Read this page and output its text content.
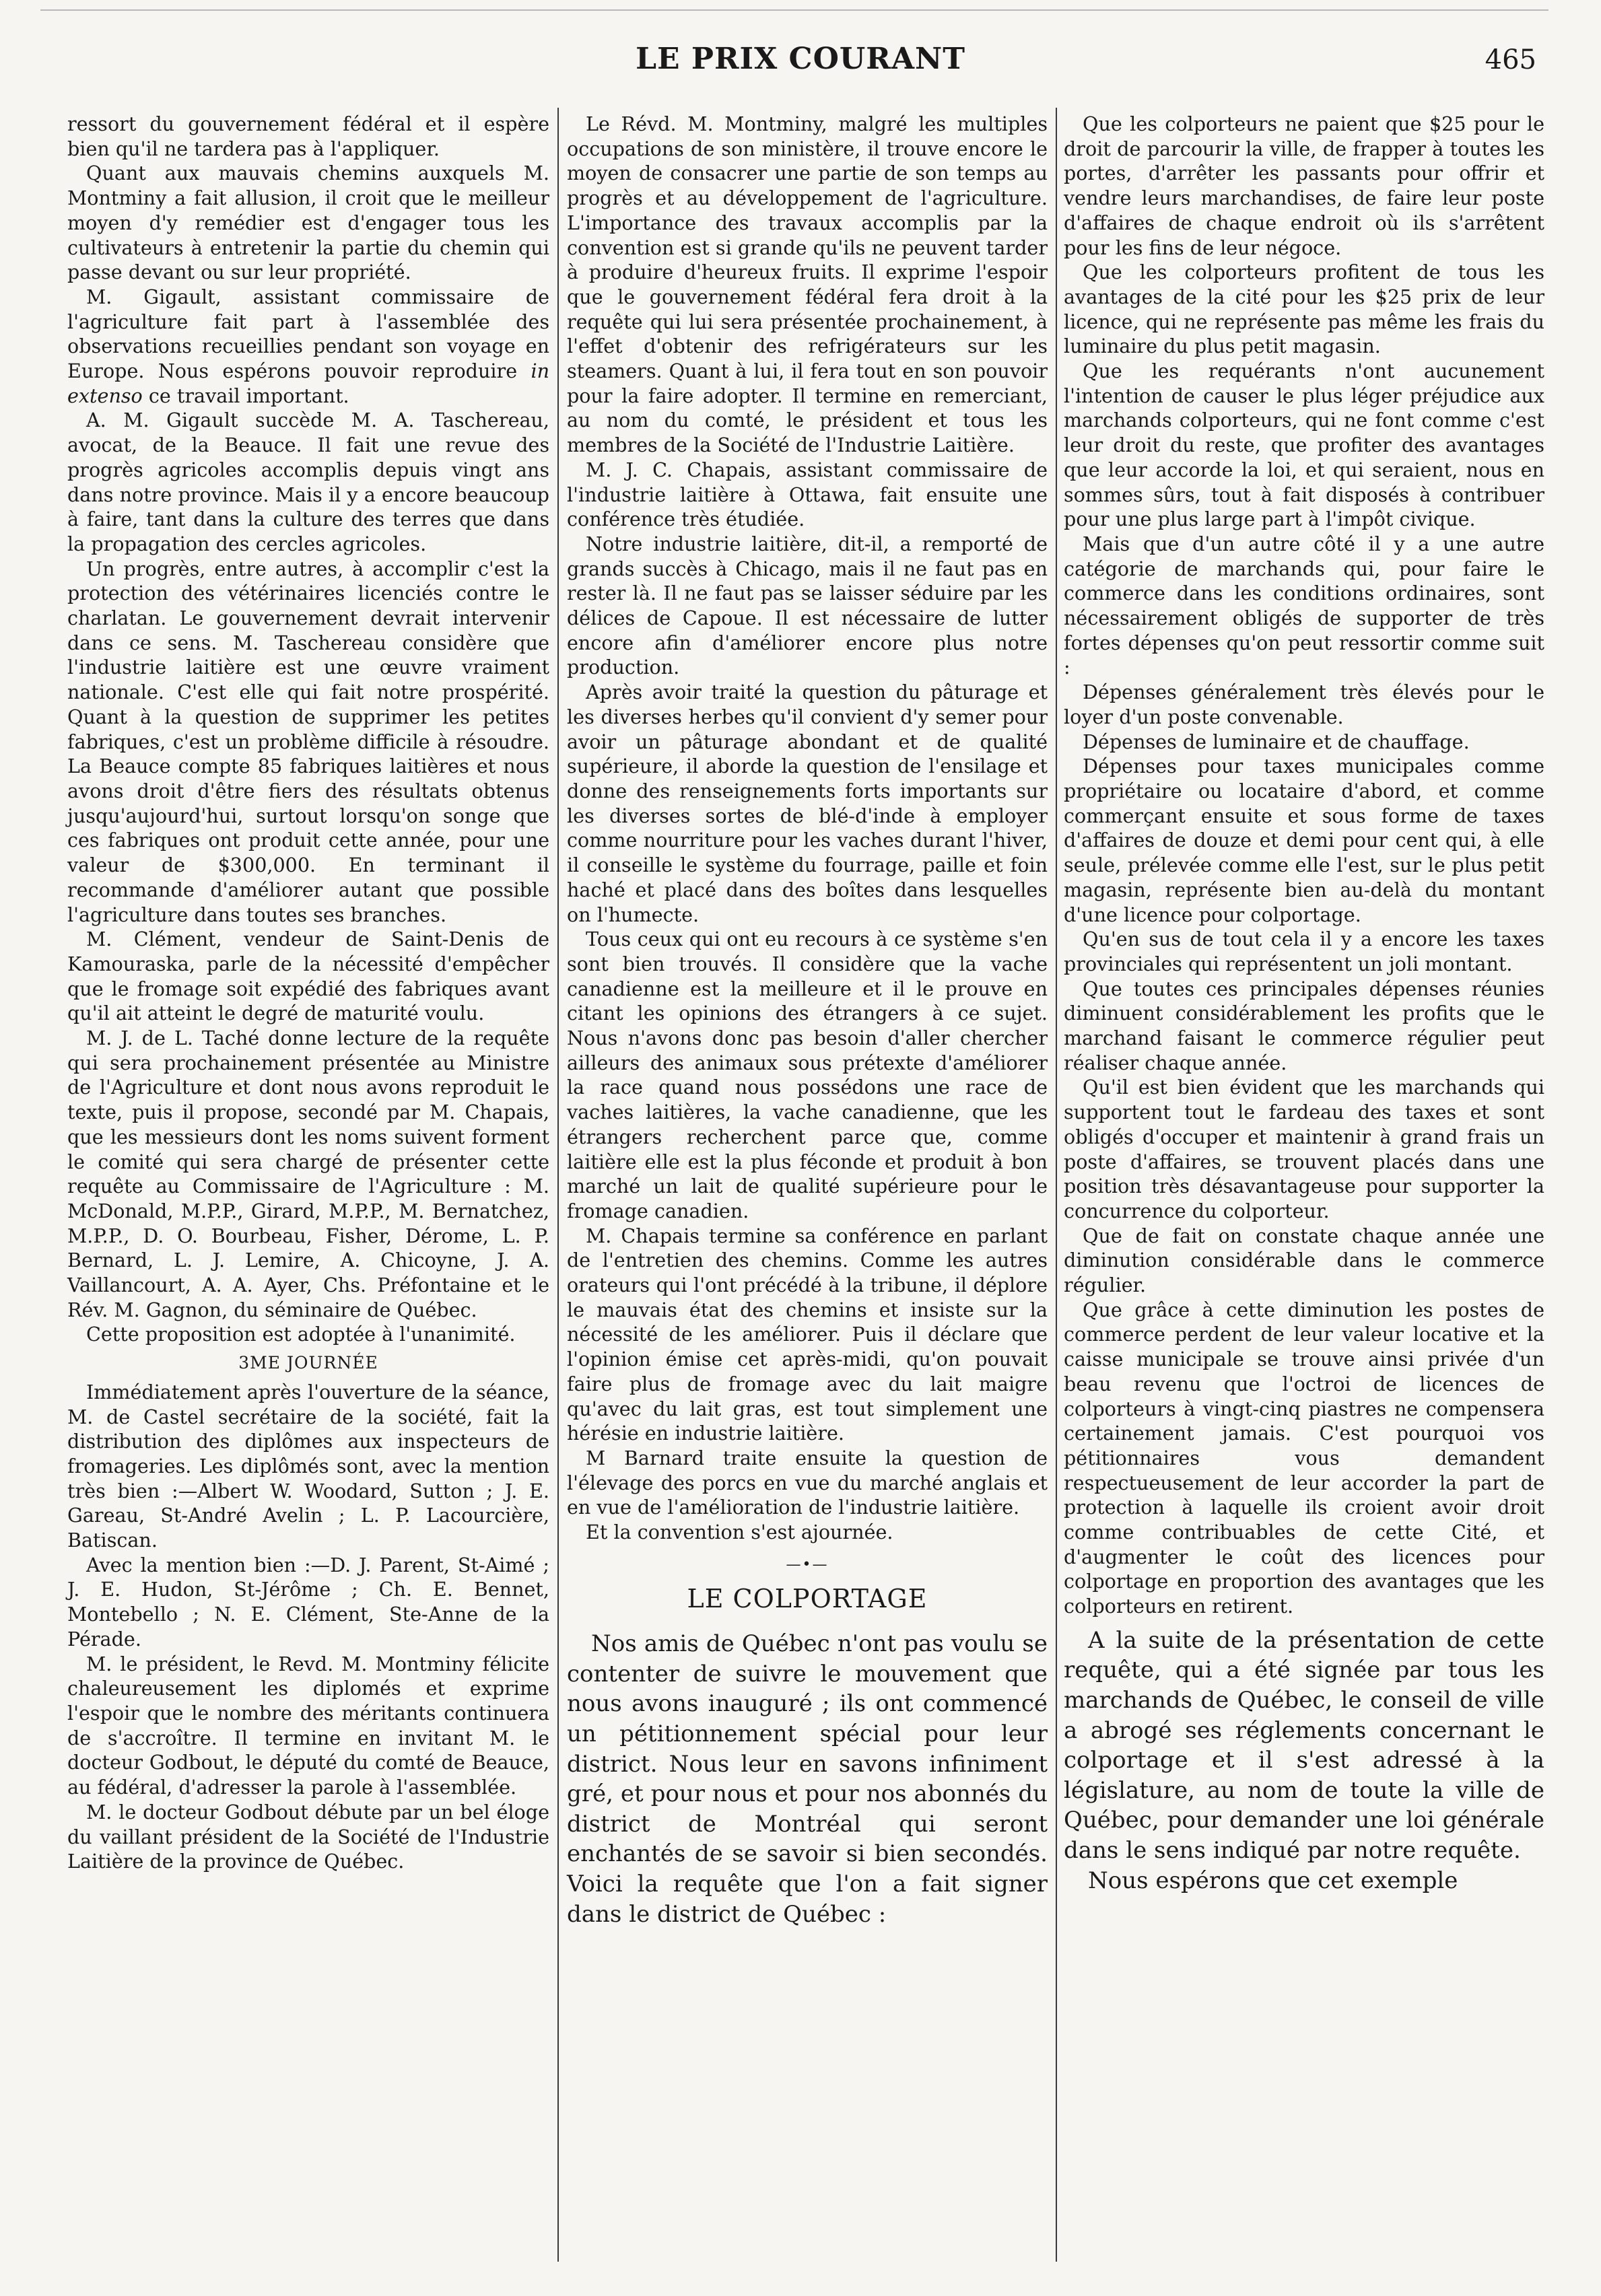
LE PRIX COURANT	465

ressort du gouvernement fédéral et il espère bien qu'il ne tardera pas à l'appliquer.

Quant aux mauvais chemins auxquels M. Montminy a fait allusion, il croit que le meilleur moyen d'y remédier est d'engager tous les cultivateurs à entretenir la partie du chemin qui passe devant ou sur leur propriété.

M. Gigault, assistant commissaire de l'agriculture fait part à l'assemblée des observations recueillies pendant son voyage en Europe. Nous espérons pouvoir reproduire in extenso ce travail important.

A. M. Gigault succède M. A. Taschereau, avocat, de la Beauce. Il fait une revue des progrès agricoles accomplis depuis vingt ans dans notre province. Mais il y a encore beaucoup à faire, tant dans la culture des terres que dans la propagation des cercles agricoles.

Un progrès, entre autres, à accomplir c'est la protection des vétérinaires licenciés contre le charlatan. Le gouvernement devrait intervenir dans ce sens. M. Taschereau considère que l'industrie laitière est une œuvre vraiment nationale. C'est elle qui fait notre prospérité. Quant à la question de supprimer les petites fabriques, c'est un problème difficile à résoudre. La Beauce compte 85 fabriques laitières et nous avons droit d'être fiers des résultats obtenus jusqu'aujourd'hui, surtout lorsqu'on songe que ces fabriques ont produit cette année, pour une valeur de $300,000. En terminant il recommande d'améliorer autant que possible l'agriculture dans toutes ses branches.

M. Clément, vendeur de Saint-Denis de Kamouraska, parle de la nécessité d'empêcher que le fromage soit expédié des fabriques avant qu'il ait atteint le degré de maturité voulu.

M. J. de L. Taché donne lecture de la requête qui sera prochainement présentée au Ministre de l'Agriculture et dont nous avons reproduit le texte, puis il propose, secondé par M. Chapais, que les messieurs dont les noms suivent forment le comité qui sera chargé de présenter cette requête au Commissaire de l'Agriculture : M. McDonald, M.P.P., Girard, M.P.P., M. Bernatchez, M.P.P., D. O. Bourbeau, Fisher, Dérome, L. P. Bernard, L. J. Lemire, A. Chicoyne, J. A. Vaillancourt, A. A. Ayer, Chs. Préfontaine et le Rév. M. Gagnon, du séminaire de Québec.

Cette proposition est adoptée à l'unanimité.

3ME JOURNÉE

Immédiatement après l'ouverture de la séance, M. de Castel secrétaire de la société, fait la distribution des diplômes aux inspecteurs de fromageries. Les diplômés sont, avec la mention très bien :—Albert W. Woodard, Sutton ; J. E. Gareau, St-André Avelin ; L. P. Lacourcière, Batiscan.

Avec la mention bien :—D. J. Parent, St-Aimé ; J. E. Hudon, St-Jérôme ; Ch. E. Bennet, Montebello ; N. E. Clément, Ste-Anne de la Pérade.

M. le président, le Revd. M. Montminy félicite chaleureusement les diplomés et exprime l'espoir que le nombre des méritants continuera de s'accroître. Il termine en invitant M. le docteur Godbout, le député du comté de Beauce, au fédéral, d'adresser la parole à l'assemblée.

M. le docteur Godbout débute par un bel éloge du vaillant président de la Société de l'Industrie Laitière de la province de Québec.

Le Révd. M. Montminy, malgré les multiples occupations de son ministère, il trouve encore le moyen de consacrer une partie de son temps au progrès et au développement de l'agriculture. L'importance des travaux accomplis par la convention est si grande qu'ils ne peuvent tarder à produire d'heureux fruits. Il exprime l'espoir que le gouvernement fédéral fera droit à la requête qui lui sera présentée prochainement, à l'effet d'obtenir des refrigérateurs sur les steamers. Quant à lui, il fera tout en son pouvoir pour la faire adopter. Il termine en remerciant, au nom du comté, le président et tous les membres de la Société de l'Industrie Laitière.

M. J. C. Chapais, assistant commissaire de l'industrie laitière à Ottawa, fait ensuite une conférence très étudiée.

Notre industrie laitière, dit-il, a remporté de grands succès à Chicago, mais il ne faut pas en rester là. Il ne faut pas se laisser séduire par les délices de Capoue. Il est nécessaire de lutter encore afin d'améliorer encore plus notre production.

Après avoir traité la question du pâturage et les diverses herbes qu'il convient d'y semer pour avoir un pâturage abondant et de qualité supérieure, il aborde la question de l'ensilage et donne des renseignements forts importants sur les diverses sortes de blé-d'inde à employer comme nourriture pour les vaches durant l'hiver, il conseille le système du fourrage, paille et foin haché et placé dans des boîtes dans lesquelles on l'humecte.

Tous ceux qui ont eu recours à ce système s'en sont bien trouvés. Il considère que la vache canadienne est la meilleure et il le prouve en citant les opinions des étrangers à ce sujet. Nous n'avons donc pas besoin d'aller chercher ailleurs des animaux sous prétexte d'améliorer la race quand nous possédons une race de vaches laitières, la vache canadienne, que les étrangers recherchent parce que, comme laitière elle est la plus féconde et produit à bon marché un lait de qualité supérieure pour le fromage canadien.

M. Chapais termine sa conférence en parlant de l'entretien des chemins. Comme les autres orateurs qui l'ont précédé à la tribune, il déplore le mauvais état des chemins et insiste sur la nécessité de les améliorer. Puis il déclare que l'opinion émise cet après-midi, qu'on pouvait faire plus de fromage avec du lait maigre qu'avec du lait gras, est tout simplement une hérésie en industrie laitière.

M Barnard traite ensuite la question de l'élevage des porcs en vue du marché anglais et en vue de l'amélioration de l'industrie laitière.

Et la convention s'est ajournée.

—•—

LE COLPORTAGE

Nos amis de Québec n'ont pas voulu se contenter de suivre le mouvement que nous avons inauguré ; ils ont commencé un pétitionnement spécial pour leur district. Nous leur en savons infiniment gré, et pour nous et pour nos abonnés du district de Montréal qui seront enchantés de se savoir si bien secondés. Voici la requête que l'on a fait signer dans le district de Québec :

Que les colporteurs ne paient que $25 pour le droit de parcourir la ville, de frapper à toutes les portes, d'arrêter les passants pour offrir et vendre leurs marchandises, de faire leur poste d'affaires de chaque endroit où ils s'arrêtent pour les fins de leur négoce.

Que les colporteurs profitent de tous les avantages de la cité pour les $25 prix de leur licence, qui ne représente pas même les frais du luminaire du plus petit magasin.

Que les requérants n'ont aucunement l'intention de causer le plus léger préjudice aux marchands colporteurs, qui ne font comme c'est leur droit du reste, que profiter des avantages que leur accorde la loi, et qui seraient, nous en sommes sûrs, tout à fait disposés à contribuer pour une plus large part à l'impôt civique.

Mais que d'un autre côté il y a une autre catégorie de marchands qui, pour faire le commerce dans les conditions ordinaires, sont nécessairement obligés de supporter de très fortes dépenses qu'on peut ressortir comme suit :

Dépenses généralement très élevés pour le loyer d'un poste convenable.

Dépenses de luminaire et de chauffage.

Dépenses pour taxes municipales comme propriétaire ou locataire d'abord, et comme commerçant ensuite et sous forme de taxes d'affaires de douze et demi pour cent qui, à elle seule, prélevée comme elle l'est, sur le plus petit magasin, représente bien au-delà du montant d'une licence pour colportage.

Qu'en sus de tout cela il y a encore les taxes provinciales qui représentent un joli montant.

Que toutes ces principales dépenses réunies diminuent considérablement les profits que le marchand faisant le commerce régulier peut réaliser chaque année.

Qu'il est bien évident que les marchands qui supportent tout le fardeau des taxes et sont obligés d'occuper et maintenir à grand frais un poste d'affaires, se trouvent placés dans une position très désavantageuse pour supporter la concurrence du colporteur.

Que de fait on constate chaque année une diminution considérable dans le commerce régulier.

Que grâce à cette diminution les postes de commerce perdent de leur valeur locative et la caisse municipale se trouve ainsi privée d'un beau revenu que l'octroi de licences de colporteurs à vingt-cinq piastres ne compensera certainement jamais. C'est pourquoi vos pétitionnaires vous demandent respectueusement de leur accorder la part de protection à laquelle ils croient avoir droit comme contribuables de cette Cité, et d'augmenter le coût des licences pour colportage en proportion des avantages que les colporteurs en retirent.

A la suite de la présentation de cette requête, qui a été signée par tous les marchands de Québec, le conseil de ville a abrogé ses réglements concernant le colportage et il s'est adressé à la législature, au nom de toute la ville de Québec, pour demander une loi générale dans le sens indiqué par notre requête.

Nous espérons que cet exemple
